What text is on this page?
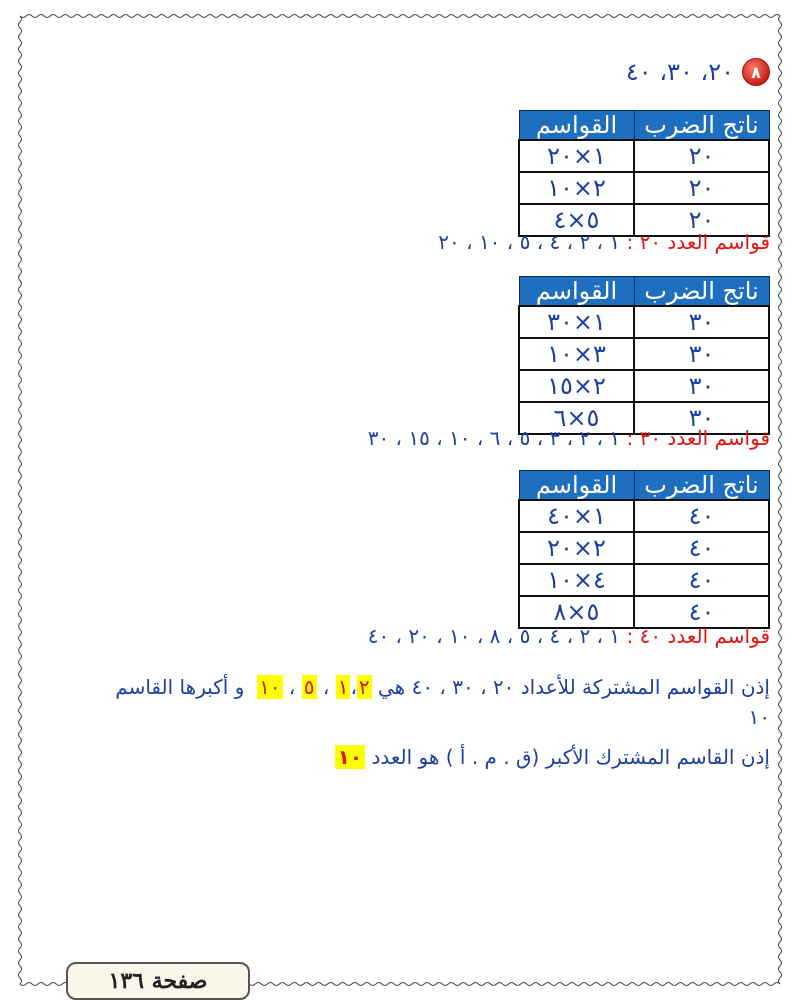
٨
٢٠، ٣٠، ٤٠
ناتج الضرب	القواسم
٢٠	١×٢٠
٢٠	٢×١٠
٢٠	٥×٤
قواسم العدد ٢٠ : ١ ، ٢ ، ٤ ، ٥ ، ١٠ ، ٢٠
ناتج الضرب	القواسم
٣٠	١×٣٠
٣٠	٣×١٠
٣٠	٢×١٥
٣٠	٥×٦
قواسم العدد ٣٠ : ١ ، ٢ ، ٣ ، ٥ ، ٦ ، ١٠ ، ١٥ ، ٣٠
ناتج الضرب	القواسم
٤٠	١×٤٠
٤٠	٢×٢٠
٤٠	٤×١٠
٤٠	٥×٨
قواسم العدد ٤٠ : ١ ، ٢ ، ٤ ، ٥ ، ٨ ، ١٠ ، ٢٠ ، ٤٠
إذن القواسم المشتركة للأعداد ٢٠ ، ٣٠ ، ٤٠ هي ١ ، ٢ ، ٥ ، ١٠  و أكبرها القاسم
١٠
إذن القاسم المشترك الأكبر (ق . م . أ ) هو العدد ١٠
صفحة ١٣٦
